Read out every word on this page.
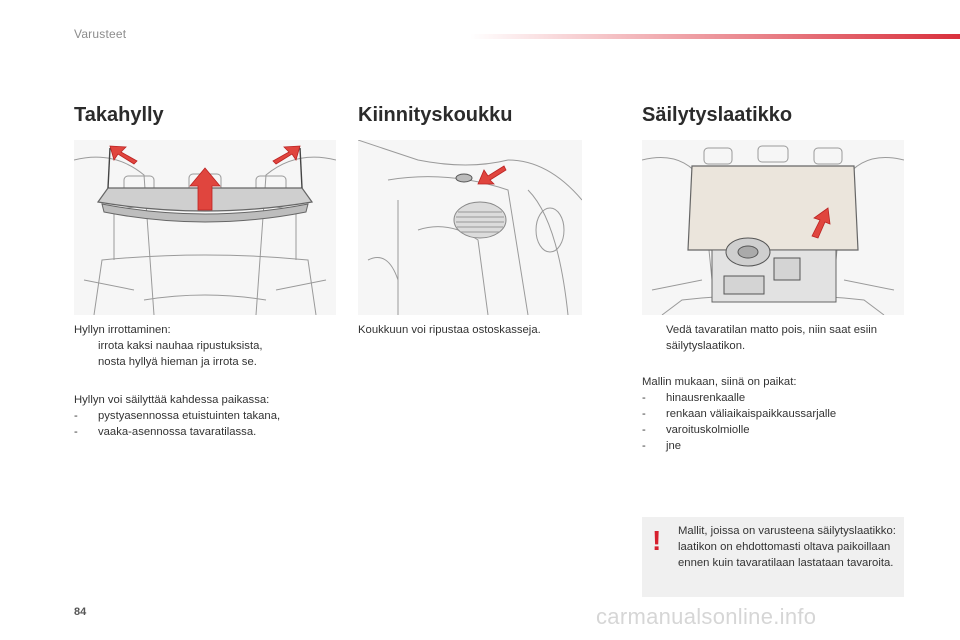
Varusteet
Takahylly

Hyllyn irrottaminen:

irrota kaksi nauhaa ripustuksista,
nosta hyllyä hieman ja irrota se.

Hyllyn voi säilyttää kahdessa paikassa:

-	pystyasennossa etuistuinten takana,
-	vaaka-asennossa tavaratilassa.
Kiinnityskoukku
Koukkuun voi ripustaa ostoskasseja.
Säilytyslaatikko
Vedä tavaratilan matto pois, niin saat esiin säilytyslaatikon.

Mallin mukaan, siinä on paikat:

-	hinausrenkaalle
-	renkaan väliaikaispaikkaussarjalle
-	varoituskolmiolle
-	jne
! Mallit, joissa on varusteena säilytyslaatikko: laatikon on ehdottomasti oltava paikoillaan ennen kuin tavaratilaan lastataan tavaroita.
84	carmanualsonline.info
